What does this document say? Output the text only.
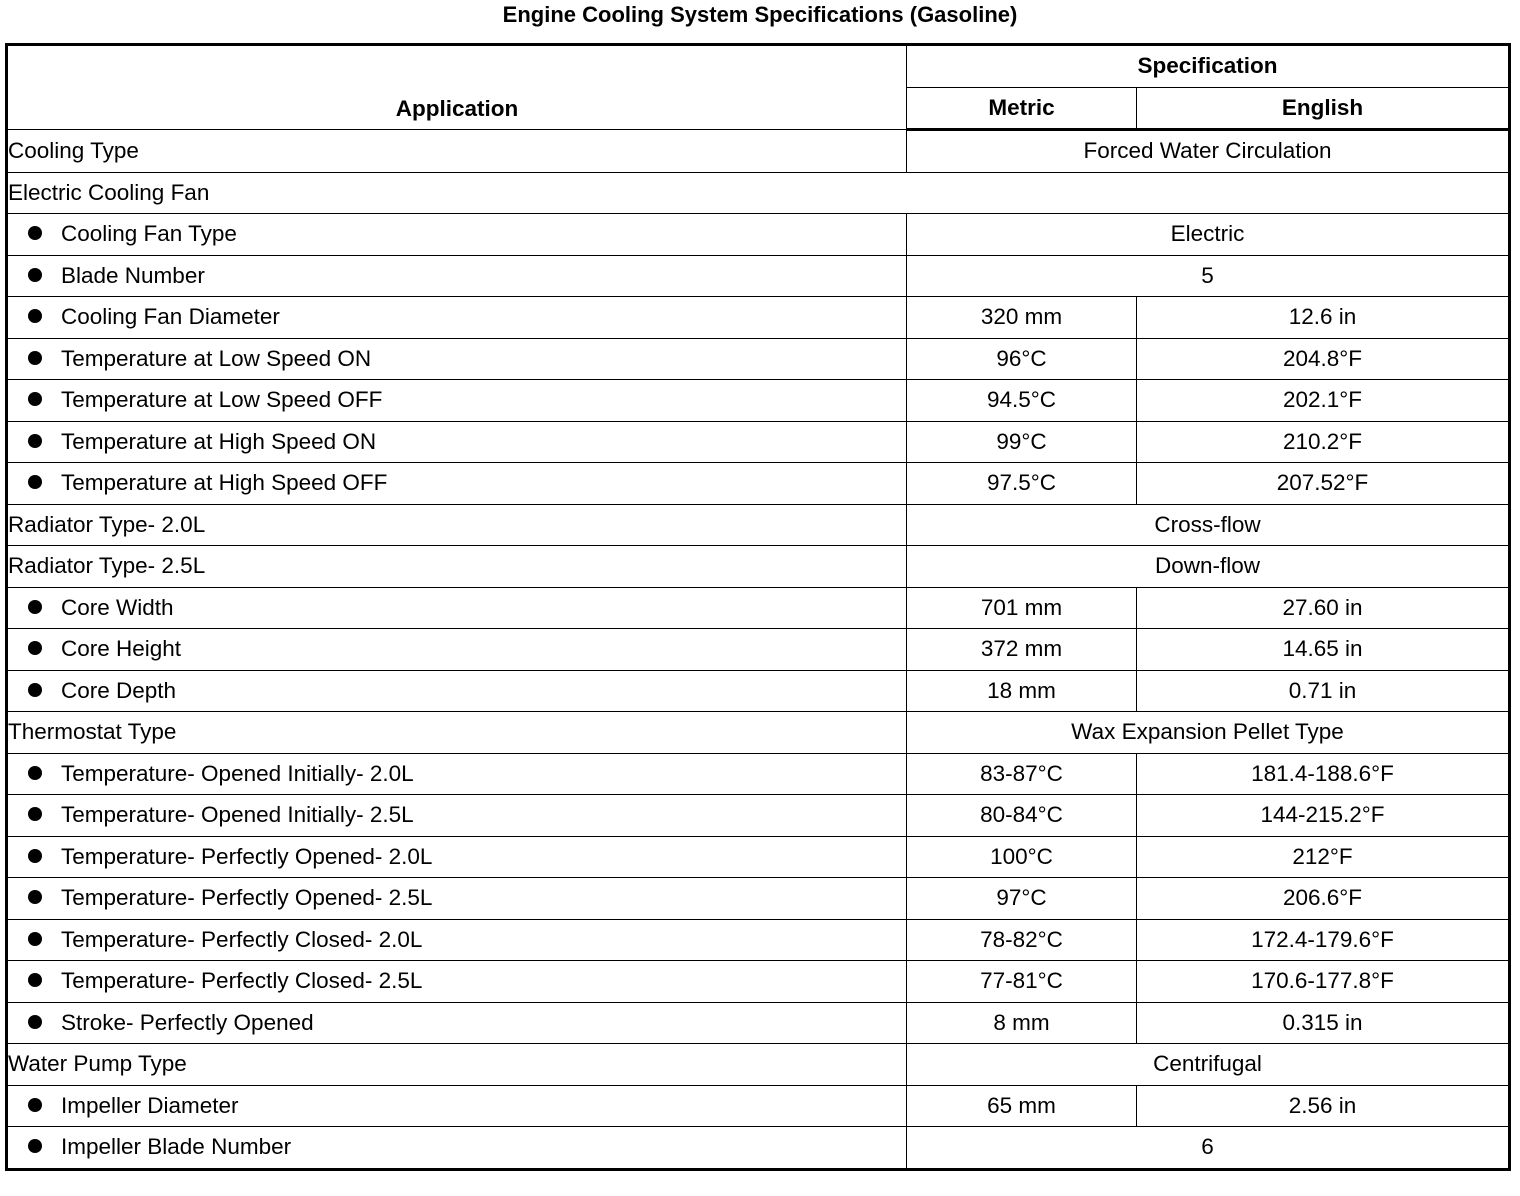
Engine Cooling System Specifications (Gasoline)
Application	Specification	
	Metric	English
Cooling Type	Forced Water Circulation	
Electric Cooling Fan		
Cooling Fan Type	Electric	
Blade Number	5	
Cooling Fan Diameter	320 mm	12.6 in
Temperature at Low Speed ON	96°C	204.8°F
Temperature at Low Speed OFF	94.5°C	202.1°F
Temperature at High Speed ON	99°C	210.2°F
Temperature at High Speed OFF	97.5°C	207.52°F
Radiator Type- 2.0L	Cross-flow	
Radiator Type- 2.5L	Down-flow	
Core Width	701 mm	27.60 in
Core Height	372 mm	14.65 in
Core Depth	18 mm	0.71 in
Thermostat Type	Wax Expansion Pellet Type	
Temperature- Opened Initially- 2.0L	83-87°C	181.4-188.6°F
Temperature- Opened Initially- 2.5L	80-84°C	144-215.2°F
Temperature- Perfectly Opened- 2.0L	100°C	212°F
Temperature- Perfectly Opened- 2.5L	97°C	206.6°F
Temperature- Perfectly Closed- 2.0L	78-82°C	172.4-179.6°F
Temperature- Perfectly Closed- 2.5L	77-81°C	170.6-177.8°F
Stroke- Perfectly Opened	8 mm	0.315 in
Water Pump Type	Centrifugal	
Impeller Diameter	65 mm	2.56 in
Impeller Blade Number	6	
